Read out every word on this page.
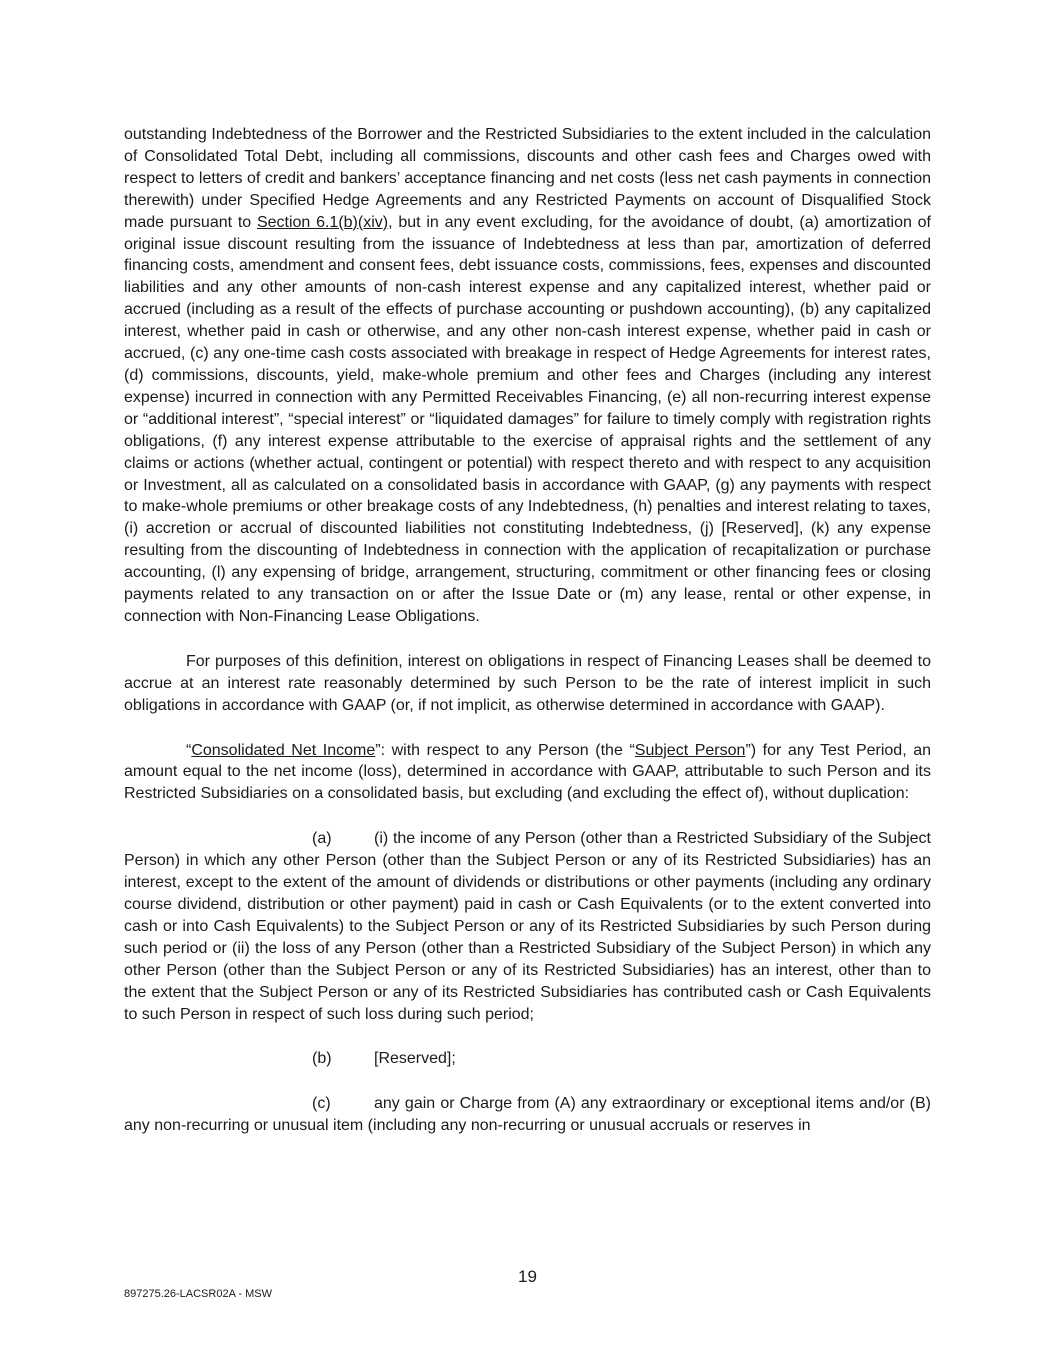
outstanding Indebtedness of the Borrower and the Restricted Subsidiaries to the extent included in the calculation of Consolidated Total Debt, including all commissions, discounts and other cash fees and Charges owed with respect to letters of credit and bankers’ acceptance financing and net costs (less net cash payments in connection therewith) under Specified Hedge Agreements and any Restricted Payments on account of Disqualified Stock made pursuant to Section 6.1(b)(xiv), but in any event excluding, for the avoidance of doubt, (a) amortization of original issue discount resulting from the issuance of Indebtedness at less than par, amortization of deferred financing costs, amendment and consent fees, debt issuance costs, commissions, fees, expenses and discounted liabilities and any other amounts of non-cash interest expense and any capitalized interest, whether paid or accrued (including as a result of the effects of purchase accounting or pushdown accounting), (b) any capitalized interest, whether paid in cash or otherwise, and any other non-cash interest expense, whether paid in cash or accrued, (c) any one-time cash costs associated with breakage in respect of Hedge Agreements for interest rates, (d) commissions, discounts, yield, make-whole premium and other fees and Charges (including any interest expense) incurred in connection with any Permitted Receivables Financing, (e) all non-recurring interest expense or “additional interest”, “special interest” or “liquidated damages” for failure to timely comply with registration rights obligations, (f) any interest expense attributable to the exercise of appraisal rights and the settlement of any claims or actions (whether actual, contingent or potential) with respect thereto and with respect to any acquisition or Investment, all as calculated on a consolidated basis in accordance with GAAP, (g) any payments with respect to make-whole premiums or other breakage costs of any Indebtedness, (h) penalties and interest relating to taxes, (i) accretion or accrual of discounted liabilities not constituting Indebtedness, (j) [Reserved], (k) any expense resulting from the discounting of Indebtedness in connection with the application of recapitalization or purchase accounting, (l) any expensing of bridge, arrangement, structuring, commitment or other financing fees or closing payments related to any transaction on or after the Issue Date or (m) any lease, rental or other expense, in connection with Non-Financing Lease Obligations.

For purposes of this definition, interest on obligations in respect of Financing Leases shall be deemed to accrue at an interest rate reasonably determined by such Person to be the rate of interest implicit in such obligations in accordance with GAAP (or, if not implicit, as otherwise determined in accordance with GAAP).

“Consolidated Net Income”: with respect to any Person (the “Subject Person”) for any Test Period, an amount equal to the net income (loss), determined in accordance with GAAP, attributable to such Person and its Restricted Subsidiaries on a consolidated basis, but excluding (and excluding the effect of), without duplication:

(a)	(i) the income of any Person (other than a Restricted Subsidiary of the Subject Person) in which any other Person (other than the Subject Person or any of its Restricted Subsidiaries) has an interest, except to the extent of the amount of dividends or distributions or other payments (including any ordinary course dividend, distribution or other payment) paid in cash or Cash Equivalents (or to the extent converted into cash or into Cash Equivalents) to the Subject Person or any of its Restricted Subsidiaries by such Person during such period or (ii) the loss of any Person (other than a Restricted Subsidiary of the Subject Person) in which any other Person (other than the Subject Person or any of its Restricted Subsidiaries) has an interest, other than to the extent that the Subject Person or any of its Restricted Subsidiaries has contributed cash or Cash Equivalents to such Person in respect of such loss during such period;

(b)	[Reserved];

(c)	any gain or Charge from (A) any extraordinary or exceptional items and/or (B) any non-recurring or unusual item (including any non-recurring or unusual accruals or reserves in

19
897275.26-LACSR02A - MSW
